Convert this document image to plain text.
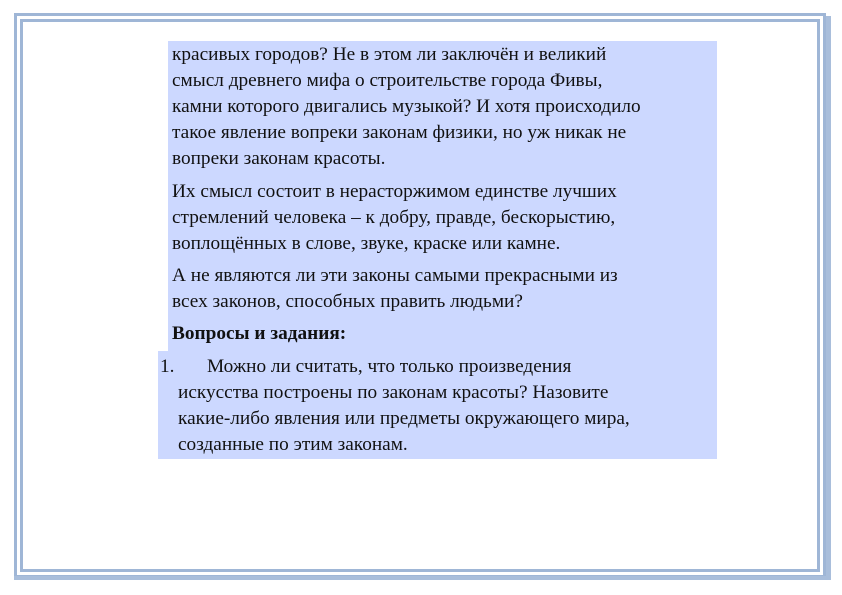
красивых городов? Не в этом ли заключён и великий

смысл древнего мифа о строительстве города Фивы,

камни которого двигались музыкой? И хотя происходило

такое явление вопреки законам физики, но уж никак не

вопреки законам красоты.

Их смысл состоит в нерасторжимом единстве лучших

стремлений человека – к добру, правде, бескорыстию,

воплощённых в слове, звуке, краске или камне.

А не являются ли эти законы самыми прекрасными из

всех законов, способных править людьми?

Вопросы и задания:

1. Можно ли считать, что только произведения

искусства построены по законам красоты? Назовите

какие-либо явления или предметы окружающего мира,

созданные по этим законам.
